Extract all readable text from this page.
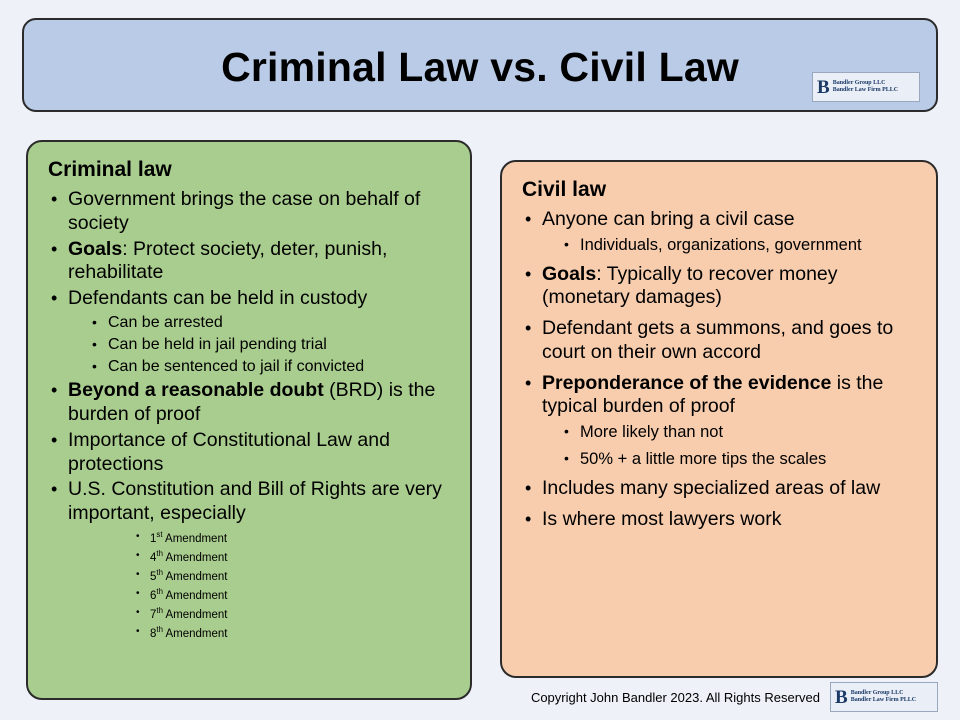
Criminal Law vs. Civil Law	B Bandler Group LLC
Bandler Law Firm PLLC
Criminal law
• Government brings the case on behalf of society
• Goals: Protect society, deter, punish, rehabilitate
• Defendants can be held in custody
• Can be arrested
• Can be held in jail pending trial
• Can be sentenced to jail if convicted
• Beyond a reasonable doubt (BRD) is the burden of proof
• Importance of Constitutional Law and protections
• U.S. Constitution and Bill of Rights are very important, especially
• 1st Amendment
• 4th Amendment
• 5th Amendment
• 6th Amendment
• 7th Amendment
• 8th Amendment
Civil law
• Anyone can bring a civil case
• Individuals, organizations, government
• Goals: Typically to recover money (monetary damages)
• Defendant gets a summons, and goes to court on their own accord
• Preponderance of the evidence is the typical burden of proof
• More likely than not
• 50% + a little more tips the scales
• Includes many specialized areas of law
• Is where most lawyers work
Copyright John Bandler 2023. All Rights Reserved B Bandler Group LLC
Bandler Law Firm PLLC
